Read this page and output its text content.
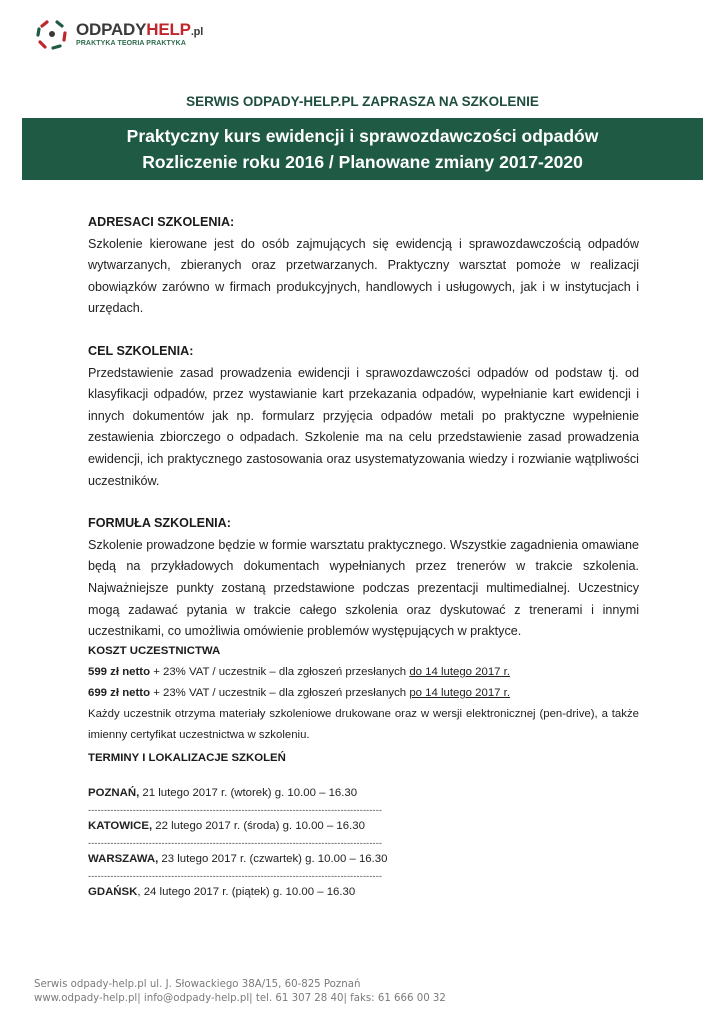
ODPADYHELP.pl
PRAKTYKA TEORIA PRAKTYKA
SERWIS ODPADY-HELP.PL ZAPRASZA NA SZKOLENIE
Praktyczny kurs ewidencji i sprawozdawczości odpadów
Rozliczenie roku 2016 / Planowane zmiany 2017-2020

ADRESACI SZKOLENIA:

Szkolenie kierowane jest do osób zajmujących się ewidencją i sprawozdawczością odpadów wytwarzanych, zbieranych oraz przetwarzanych. Praktyczny warsztat pomoże w realizacji obowiązków zarówno w firmach produkcyjnych, handlowych i usługowych, jak i w instytucjach i urzędach.

CEL SZKOLENIA:

Przedstawienie zasad prowadzenia ewidencji i sprawozdawczości odpadów od podstaw tj. od klasyfikacji odpadów, przez wystawianie kart przekazania odpadów, wypełnianie kart ewidencji i innych dokumentów jak np. formularz przyjęcia odpadów metali po praktyczne wypełnienie zestawienia zbiorczego o odpadach. Szkolenie ma na celu przedstawienie zasad prowadzenia ewidencji, ich praktycznego zastosowania oraz usystematyzowania wiedzy i rozwianie wątpliwości uczestników.

FORMUŁA SZKOLENIA:

Szkolenie prowadzone będzie w formie warsztatu praktycznego. Wszystkie zagadnienia omawiane będą na przykładowych dokumentach wypełnianych przez trenerów w trakcie szkolenia. Najważniejsze punkty zostaną przedstawione podczas prezentacji multimedialnej. Uczestnicy mogą zadawać pytania w trakcie całego szkolenia oraz dyskutować z trenerami i innymi uczestnikami, co umożliwia omówienie problemów występujących w praktyce.

KOSZT UCZESTNICTWA

599 zł netto + 23% VAT / uczestnik – dla zgłoszeń przesłanych do 14 lutego 2017 r.
699 zł netto + 23% VAT / uczestnik – dla zgłoszeń przesłanych po 14 lutego 2017 r.

Każdy uczestnik otrzyma materiały szkoleniowe drukowane oraz w wersji elektronicznej (pen-drive), a także imienny certyfikat uczestnictwa w szkoleniu.

TERMINY I LOKALIZACJE SZKOLEŃ

POZNAŃ, 21 lutego 2017 r. (wtorek) g. 10.00 – 16.30
--------------------------------------------------------------------------------------------
KATOWICE, 22 lutego 2017 r. (środa) g. 10.00 – 16.30
--------------------------------------------------------------------------------------------
WARSZAWA, 23 lutego 2017 r. (czwartek) g. 10.00 – 16.30
--------------------------------------------------------------------------------------------
GDAŃSK, 24 lutego 2017 r. (piątek) g. 10.00 – 16.30
Serwis odpady-help.pl ul. J. Słowackiego 38A/15, 60-825 Poznań
www.odpady-help.pl| info@odpady-help.pl| tel. 61 307 28 40| faks: 61 666 00 32
